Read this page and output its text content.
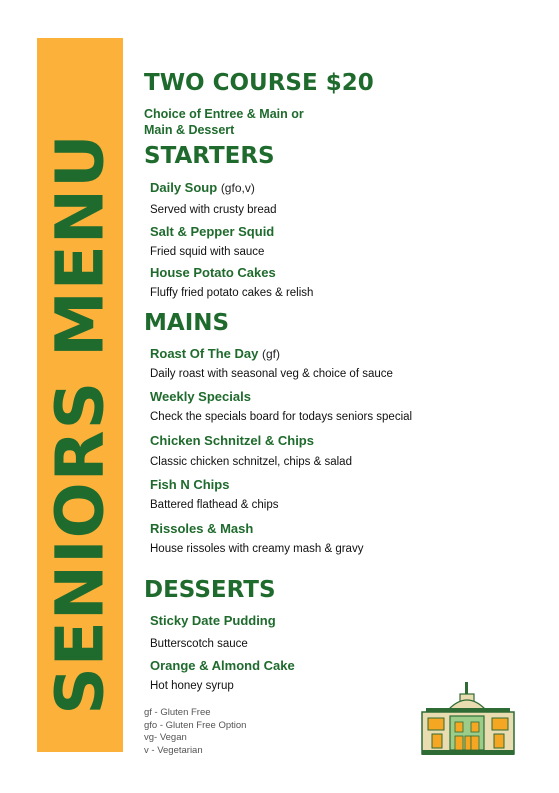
SENIORS MENU
TWO COURSE $20
Choice of Entree & Main or
Main & Dessert
STARTERS
Daily Soup (gfo,v)
Served with crusty bread
Salt & Pepper Squid
Fried squid with sauce
House Potato Cakes
Fluffy fried potato cakes & relish
MAINS
Roast Of The Day (gf)
Daily roast with seasonal veg & choice of sauce
Weekly Specials
Check the specials board for todays seniors special
Chicken Schnitzel & Chips
Classic chicken schnitzel, chips & salad
Fish N Chips
Battered flathead & chips
Rissoles & Mash
House rissoles with creamy mash & gravy
DESSERTS
Sticky Date Pudding
Butterscotch sauce
Orange & Almond Cake
Hot honey syrup
gf - Gluten Free
gfo - Gluten Free Option
vg- Vegan
v - Vegetarian
